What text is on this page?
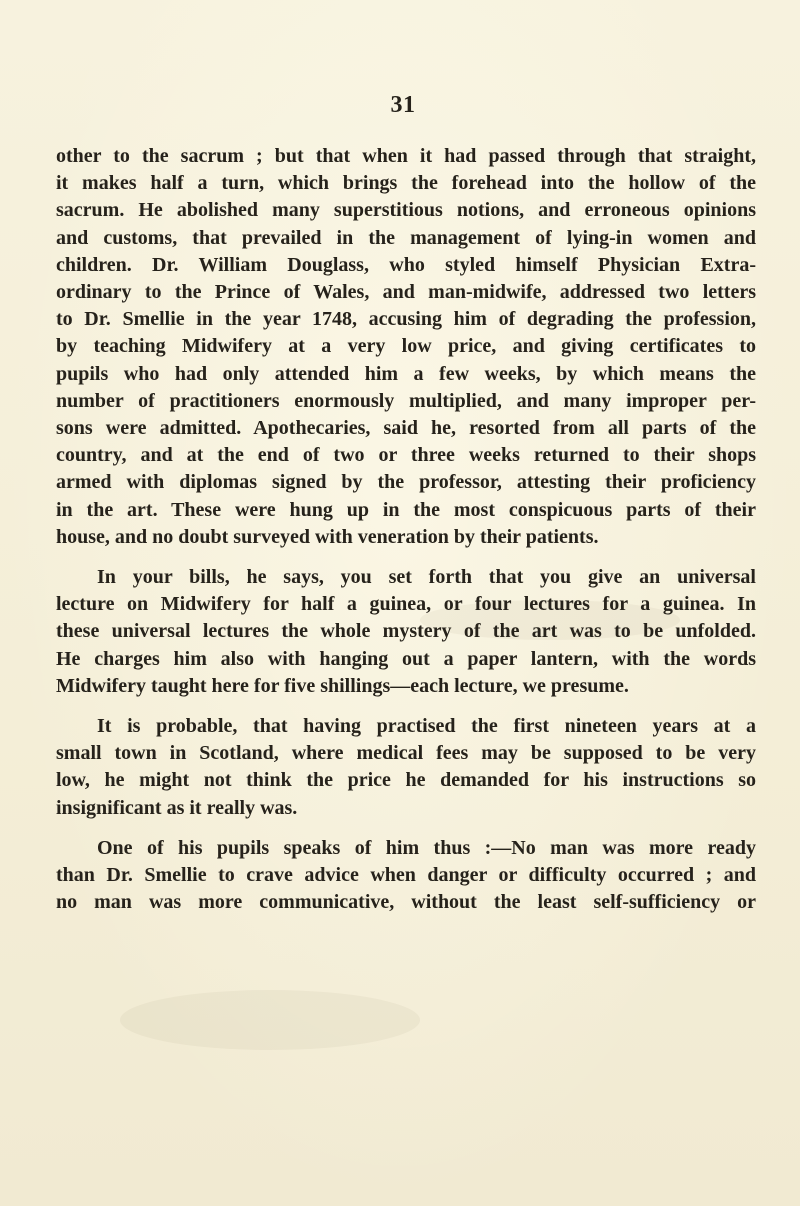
31

other to the sacrum ; but that when it had passed through that straight,
it makes half a turn, which brings the forehead into the hollow of the
sacrum. He abolished many superstitious notions, and erroneous opinions
and customs, that prevailed in the management of lying-in women and
children. Dr. William Douglass, who styled himself Physician Extra-
ordinary to the Prince of Wales, and man-midwife, addressed two letters
to Dr. Smellie in the year 1748, accusing him of degrading the profession,
by teaching Midwifery at a very low price, and giving certificates to
pupils who had only attended him a few weeks, by which means the
number of practitioners enormously multiplied, and many improper per-
sons were admitted. Apothecaries, said he, resorted from all parts of the
country, and at the end of two or three weeks returned to their shops
armed with diplomas signed by the professor, attesting their proficiency
in the art. These were hung up in the most conspicuous parts of their
house, and no doubt surveyed with veneration by their patients.

In your bills, he says, you set forth that you give an universal
lecture on Midwifery for half a guinea, or four lectures for a guinea. In
these universal lectures the whole mystery of the art was to be unfolded.
He charges him also with hanging out a paper lantern, with the words
Midwifery taught here for five shillings—each lecture, we presume.

It is probable, that having practised the first nineteen years at a
small town in Scotland, where medical fees may be supposed to be very
low, he might not think the price he demanded for his instructions so
insignificant as it really was.

One of his pupils speaks of him thus :—No man was more ready
than Dr. Smellie to crave advice when danger or difficulty occurred ; and
no man was more communicative, without the least self-sufficiency or
